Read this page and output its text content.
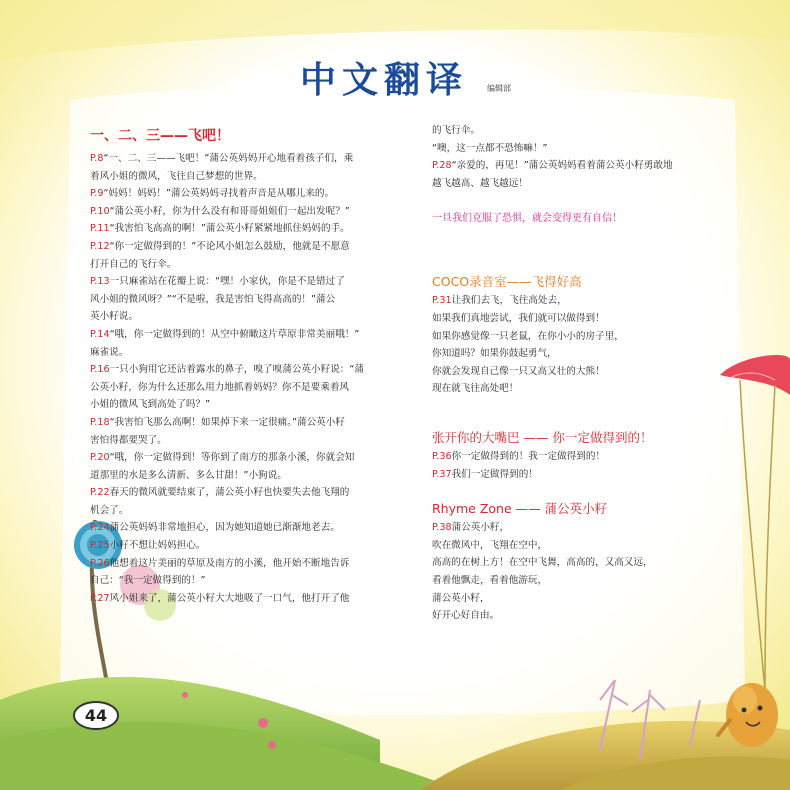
中文翻译 编辑部
44
一、二、三——飞吧！
P.8“一、二、三——飞吧！”蒲公英妈妈开心地看着孩子们，乘
着风小姐的微风，飞往自己梦想的世界。
P.9“妈妈！妈妈！”蒲公英妈妈寻找着声音是从哪儿来的。
P.10“蒲公英小籽，你为什么没有和哥哥姐姐们一起出发呢？”
P.11“我害怕飞高高的啊！”蒲公英小籽紧紧地抓住妈妈的手。
P.12“你一定做得到的！”不论风小姐怎么鼓励，他就是不愿意
打开自己的飞行伞。
P.13一只麻雀站在花瓣上说：“嘿！小家伙，你是不是错过了
风小姐的微风呀？”“不是啦，我是害怕飞得高高的！”蒲公
英小籽说。
P.14“哦，你一定做得到的！从空中俯瞰这片草原非常美丽哦！”
麻雀说。
P.16一只小狗用它还沾着露水的鼻子，嗅了嗅蒲公英小籽说：“蒲
公英小籽，你为什么还那么用力地抓着妈妈？你不是要乘着风
小姐的微风飞到高处了吗？”
P.18“我害怕飞那么高啊！如果掉下来一定很痛。”蒲公英小籽
害怕得都要哭了。
P.20“哦，你一定做得到！等你到了南方的那条小溪，你就会知
道那里的水是多么清新、多么甘甜！”小狗说。
P.22春天的微风就要结束了，蒲公英小籽也快要失去他飞翔的
机会了。
P.24蒲公英妈妈非常地担心，因为她知道她已渐渐地老去。
P.25小籽不想让妈妈担心。
P.26他想着这片美丽的草原及南方的小溪，他开始不断地告诉
自己：“我一定做得到的！”
P.27风小姐来了，蒲公英小籽大大地吸了一口气，他打开了他
的飞行伞。
“噢，这一点都不恐怖嘛！”
P.28“亲爱的，再见！”蒲公英妈妈看着蒲公英小籽勇敢地
越飞越高、越飞越远！
一旦我们克服了恐惧，就会变得更有自信！
COCO录音室——飞得好高
P.31让我们去飞，飞往高处去，
如果我们真地尝试，我们就可以做得到！
如果你感觉像一只老鼠，在你小小的房子里，
你知道吗？如果你鼓起勇气，
你就会发现自己像一只又高又壮的大熊！
现在就飞往高处吧！
张开你的大嘴巴 —— 你一定做得到的！
P.36你一定做得到的！我一定做得到的！
P.37我们一定做得到的！
Rhyme Zone —— 蒲公英小籽
P.38蒲公英小籽，
吹在微风中，飞翔在空中，
高高的在树上方！在空中飞舞，高高的，又高又远，
看着他飘走，看着他游玩，
蒲公英小籽，
好开心好自由。
